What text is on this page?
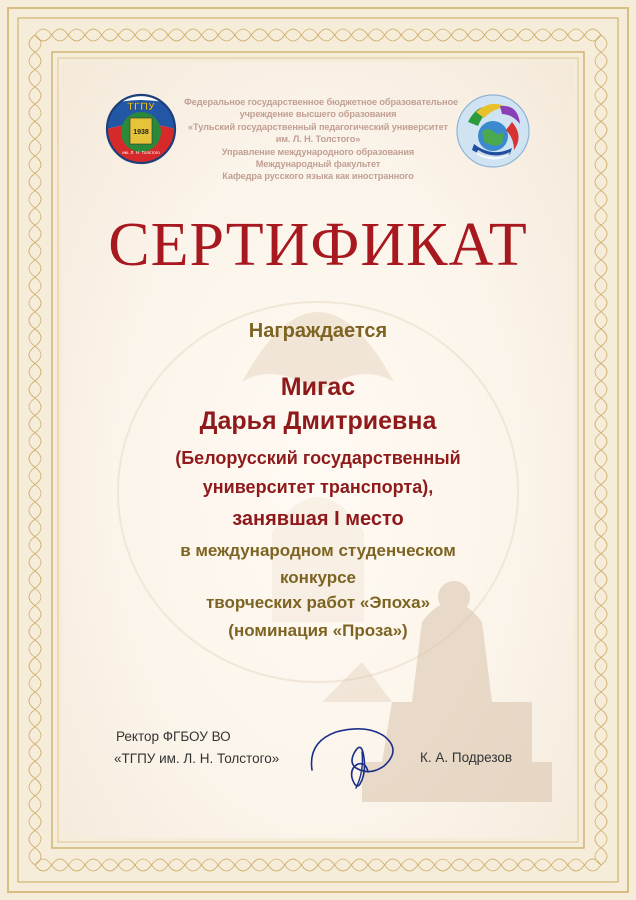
ТГПУ
1938
им. Л. Н. Толстого
Федеральное государственное бюджетное образовательное
учреждение высшего образования
«Тульский государственный педагогический университет
им. Л. Н. Толстого»
Управление международного образования
Международный факультет
Кафедра русского языка как иностранного
СЕРТИФИКАТ
Награждается
Мигас
Дарья Дмитриевна
(Белорусский государственный
университет транспорта),
занявшая I место
в международном студенческом
конкурсе
творческих работ «Эпоха»
(номинация «Проза»)
Ректор ФГБОУ ВО
«ТГПУ им. Л. Н. Толстого»	К. А. Подрезов
